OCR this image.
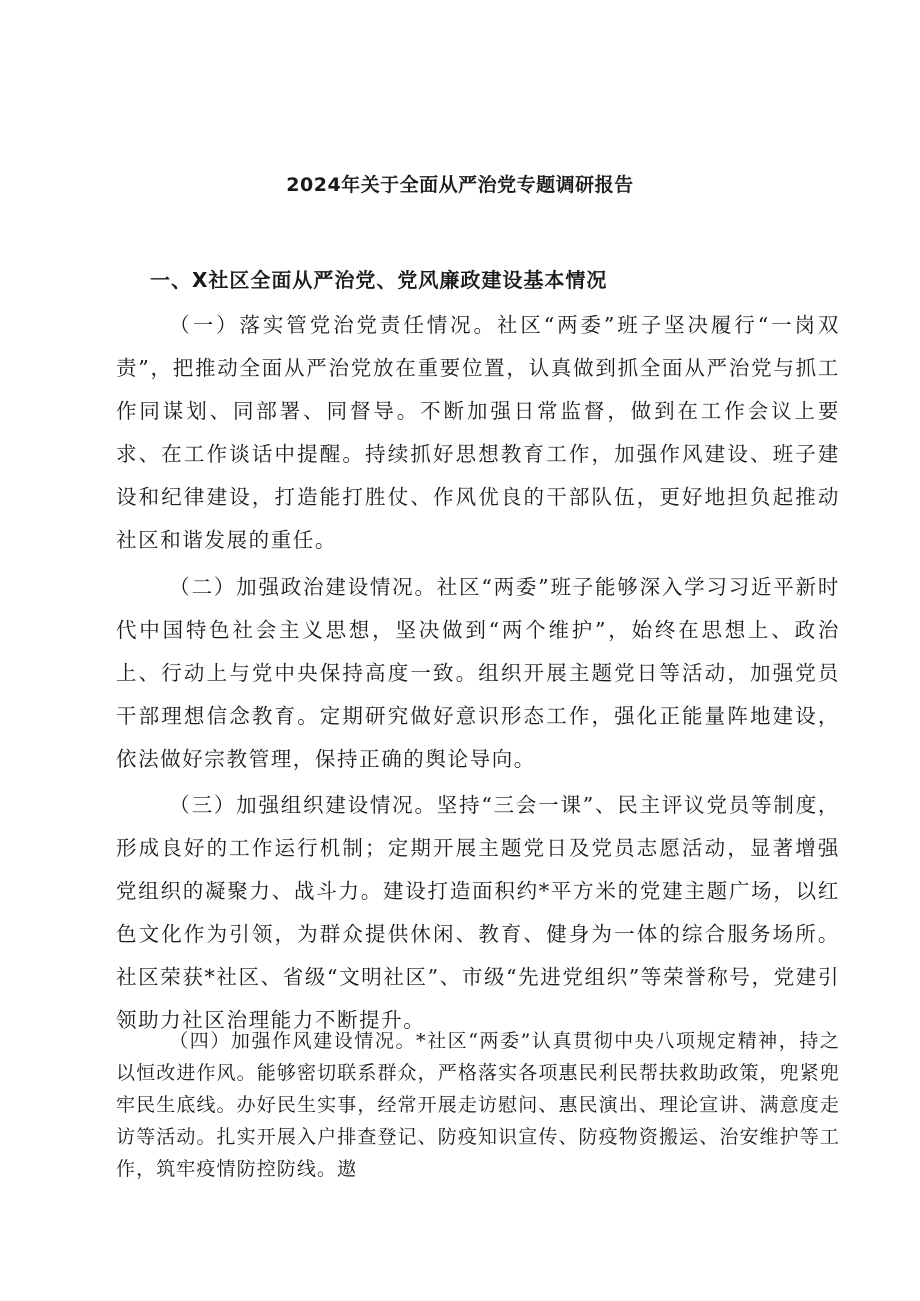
2024年关于全面从严治党专题调研报告
一、X社区全面从严治党、党风廉政建设基本情况

（一）落实管党治党责任情况。社区“两委”班子坚决履行“一岗双责”，把推动全面从严治党放在重要位置，认真做到抓全面从严治党与抓工作同谋划、同部署、同督导。不断加强日常监督，做到在工作会议上要求、在工作谈话中提醒。持续抓好思想教育工作，加强作风建设、班子建设和纪律建设，打造能打胜仗、作风优良的干部队伍，更好地担负起推动社区和谐发展的重任。

（二）加强政治建设情况。社区“两委”班子能够深入学习习近平新时代中国特色社会主义思想，坚决做到“两个维护”，始终在思想上、政治上、行动上与党中央保持高度一致。组织开展主题党日等活动，加强党员干部理想信念教育。定期研究做好意识形态工作，强化正能量阵地建设，依法做好宗教管理，保持正确的舆论导向。

（三）加强组织建设情况。坚持“三会一课”、民主评议党员等制度，形成良好的工作运行机制；定期开展主题党日及党员志愿活动，显著增强党组织的凝聚力、战斗力。建设打造面积约*平方米的党建主题广场，以红色文化作为引领，为群众提供休闲、教育、健身为一体的综合服务场所。社区荣获*社区、省级“文明社区”、市级“先进党组织”等荣誉称号，党建引领助力社区治理能力不断提升。

（四）加强作风建设情况。*社区“两委”认真贯彻中央八项规定精神，持之以恒改进作风。能够密切联系群众，严格落实各项惠民利民帮扶救助政策，兜紧兜牢民生底线。办好民生实事，经常开展走访慰问、惠民演出、理论宣讲、满意度走访等活动。扎实开展入户排查登记、防疫知识宣传、防疫物资搬运、治安维护等工作，筑牢疫情防控防线。遨
